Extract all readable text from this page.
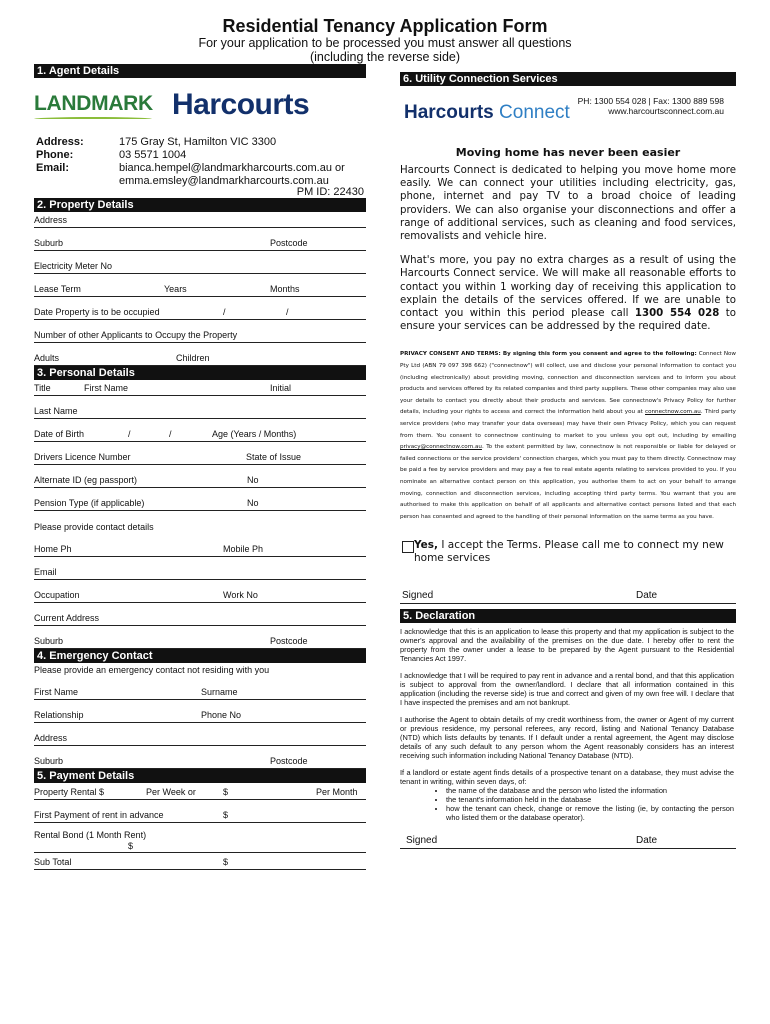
Residential Tenancy Application Form
For your application to be processed you must answer all questions
(including the reverse side)
1. Agent Details
LANDMARK Harcourts
Address:	175 Gray St, Hamilton VIC 3300
Phone:	03 5571 1004
Email:	bianca.hempel@landmarkharcourts.com.au or
emma.emsley@landmarkharcourts.com.au
PM ID: 22430
2. Property Details
Address
Suburb	Postcode
Electricity Meter No
Lease Term	Years	Months
Date Property is to be occupied	/	/
Number of other Applicants to Occupy the Property
Adults	Children
3. Personal Details
Title	First Name	Initial
Last Name
Date of Birth	/	/	Age (Years / Months)
Drivers Licence Number	State of Issue
Alternate ID (eg passport)	No
Pension Type (if applicable)	No
Please provide contact details
Home Ph	Mobile Ph
Email
Occupation	Work No
Current Address
Suburb	Postcode
4. Emergency Contact
Please provide an emergency contact not residing with you
First Name	Surname
Relationship	Phone No
Address
Suburb	Postcode
5. Payment Details
Property Rental $	Per Week or	$	Per Month
First Payment of rent in advance	$
Rental Bond (1 Month Rent)
$
Sub Total	$
6. Utility Connection Services
Harcourts Connect
PH: 1300 554 028 | Fax: 1300 889 598
www.harcourtsconnect.com.au
Moving home has never been easier
Harcourts Connect is dedicated to helping you move home more easily. We can connect your utilities including electricity, gas, phone, internet and pay TV to a broad choice of leading providers. We can also organise your disconnections and offer a range of additional services, such as cleaning and food services, removalists and vehicle hire.
What's more, you pay no extra charges as a result of using the Harcourts Connect service. We will make all reasonable efforts to contact you within 1 working day of receiving this application to explain the details of the services offered. If we are unable to contact you within this period please call 1300 554 028 to ensure your services can be addressed by the required date.
PRIVACY CONSENT AND TERMS: By signing this form you consent and agree to the following: Connect Now Pty Ltd (ABN 79 097 398 662) ("connectnow") will collect, use and disclose your personal information to contact you (including electronically) about providing moving, connection and disconnection services and to inform you about products and services offered by its related companies and third party suppliers. These other companies may also use your details to contact you directly about their products and services. See connectnow's Privacy Policy for further details, including your rights to access and correct the information held about you at connectnow.com.au. Third party service providers (who may transfer your data overseas) may have their own Privacy Policy, which you can request from them. You consent to connectnow continuing to market to you unless you opt out, including by emailing privacy@connectnow.com.au. To the extent permitted by law, connectnow is not responsible or liable for delayed or failed connections or the service providers' connection charges, which you must pay to them directly. Connectnow may be paid a fee by service providers and may pay a fee to real estate agents relating to services provided to you. If you nominate an alternative contact person on this application, you authorise them to act on your behalf to arrange moving, connection and disconnection services, including accepting third party terms. You warrant that you are authorised to make this application on behalf of all applicants and alternative contact persons listed and that each person has consented and agreed to the handling of their personal information on the same terms as you have.
Yes, I accept the Terms. Please call me to connect my new home services
Signed	Date
5. Declaration
I acknowledge that this is an application to lease this property and that my application is subject to the owner's approval and the availability of the premises on the due date. I hereby offer to rent the property from the owner under a lease to be prepared by the Agent pursuant to the Residential Tenancies Act 1997.
I acknowledge that I will be required to pay rent in advance and a rental bond, and that this application is subject to approval from the owner/landlord. I declare that all information contained in this application (including the reverse side) is true and correct and given of my own free will. I declare that I have inspected the premises and am not bankrupt.
I authorise the Agent to obtain details of my credit worthiness from, the owner or Agent of my current or previous residence, my personal referees, any record, listing and National Tenancy Database (NTD) which lists defaults by tenants. If I default under a rental agreement, the Agent may disclose details of any such default to any person whom the Agent reasonably considers has an interest receiving such information including National Tenancy Database (NTD).
If a landlord or estate agent finds details of a prospective tenant on a database, they must advise the tenant in writing, within seven days, of:
• the name of the database and the person who listed the information
• the tenant's information held in the database
• how the tenant can check, change or remove the listing (ie, by contacting the person who listed them or the database operator).
Signed	Date
